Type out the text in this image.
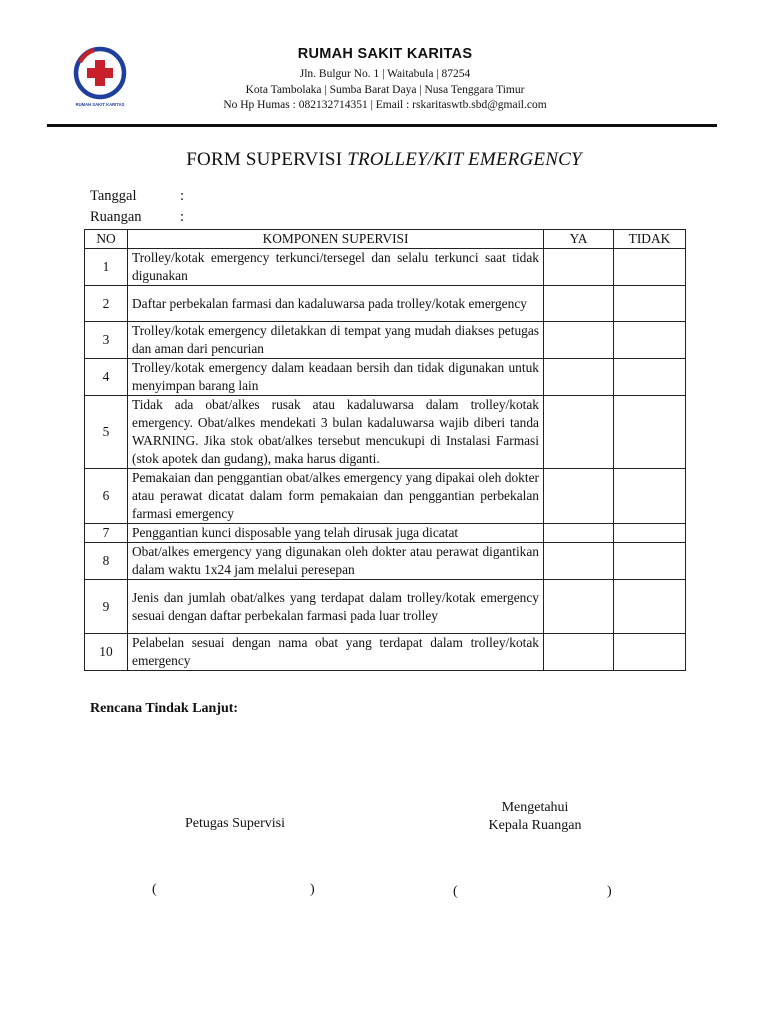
RUMAH SAKIT KARITAS
RUMAH SAKIT KARITAS
Jln. Bulgur No. 1 | Waitabula | 87254
Kota Tambolaka | Sumba Barat Daya | Nusa Tenggara Timur
No Hp Humas : 082132714351 | Email : rskaritaswtb.sbd@gmail.com
FORM SUPERVISI TROLLEY/KIT EMERGENCY
Tanggal	:
Ruangan	:
NO	KOMPONEN SUPERVISI	YA	TIDAK
1	Trolley/kotak emergency terkunci/tersegel dan selalu terkunci saat tidak digunakan		
2	Daftar perbekalan farmasi dan kadaluwarsa pada trolley/kotak emergency		
3	Trolley/kotak emergency diletakkan di tempat yang mudah diakses petugas dan aman dari pencurian		
4	Trolley/kotak emergency dalam keadaan bersih dan tidak digunakan untuk menyimpan barang lain		
5	Tidak ada obat/alkes rusak atau kadaluwarsa dalam trolley/kotak emergency. Obat/alkes mendekati 3 bulan kadaluwarsa wajib diberi tanda WARNING. Jika stok obat/alkes tersebut mencukupi di Instalasi Farmasi (stok apotek dan gudang), maka harus diganti.		
6	Pemakaian dan penggantian obat/alkes emergency yang dipakai oleh dokter atau perawat dicatat dalam form pemakaian dan penggantian perbekalan farmasi emergency		
7	Penggantian kunci disposable yang telah dirusak juga dicatat		
8	Obat/alkes emergency yang digunakan oleh dokter atau perawat digantikan dalam waktu 1x24 jam melalui peresepan		
9	Jenis dan jumlah obat/alkes yang terdapat dalam trolley/kotak emergency sesuai dengan daftar perbekalan farmasi pada luar trolley		
10	Pelabelan sesuai dengan nama obat yang terdapat dalam trolley/kotak emergency		
Rencana Tindak Lanjut:
Petugas Supervisi
Mengetahui
Kepala Ruangan
(	)	(	)
